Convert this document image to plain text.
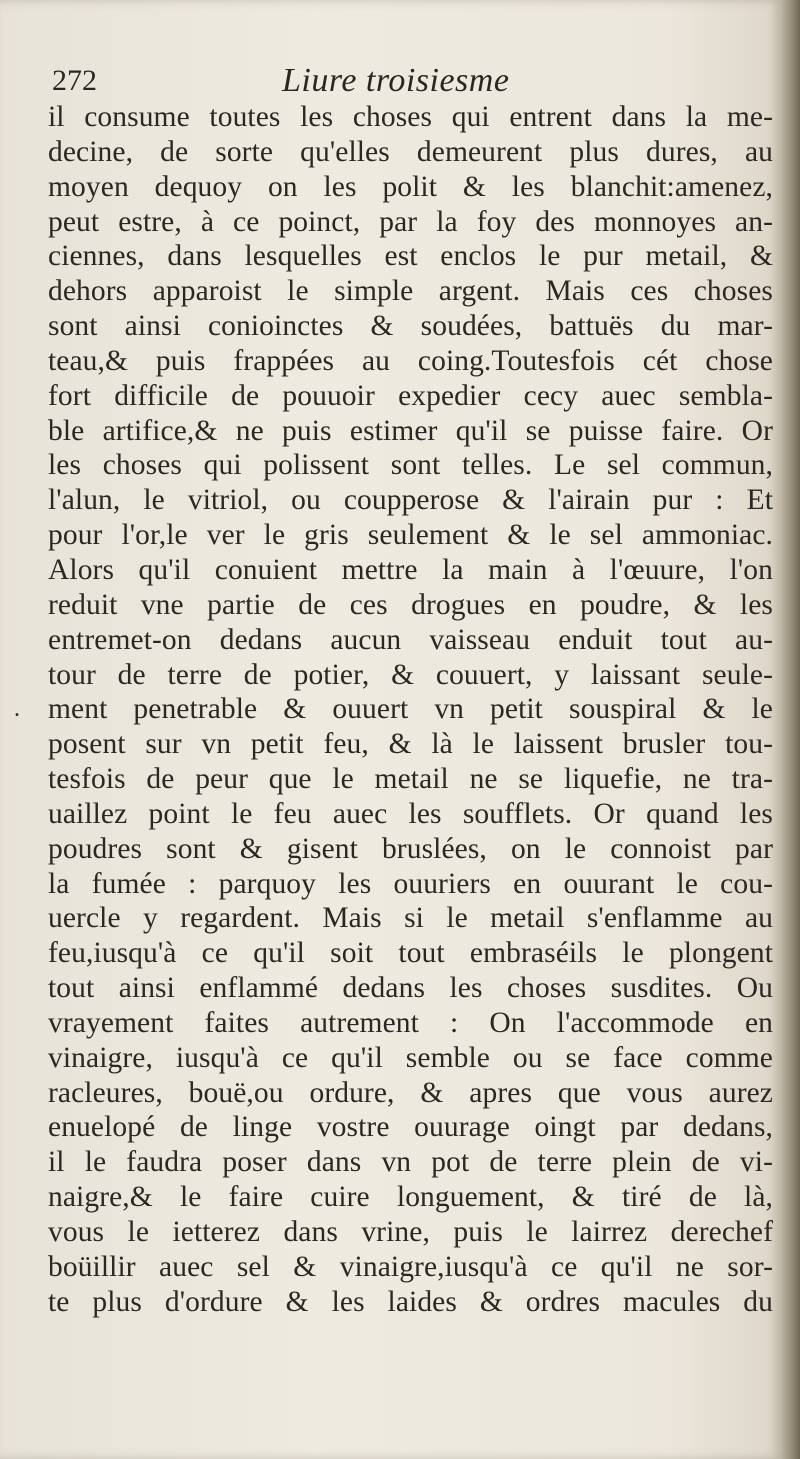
272	Liure troisiesme
.
il consume toutes les choses qui entrent dans la me-
decine, de sorte qu'elles demeurent plus dures, au
moyen dequoy on les polit & les blanchit:amenez,
peut estre, à ce poinct, par la foy des monnoyes an-
ciennes, dans lesquelles est enclos le pur metail, &
dehors apparoist le simple argent. Mais ces choses
sont ainsi conioinctes & soudées, battuës du mar-
teau,& puis frappées au coing.Toutesfois cét chose
fort difficile de pouuoir expedier cecy auec sembla-
ble artifice,& ne puis estimer qu'il se puisse faire. Or
les choses qui polissent sont telles. Le sel commun,
l'alun, le vitriol, ou coupperose & l'airain pur : Et
pour l'or,le ver le gris seulement & le sel ammoniac.
Alors qu'il conuient mettre la main à l'œuure, l'on
reduit vne partie de ces drogues en poudre, & les
entremet-on dedans aucun vaisseau enduit tout au-
tour de terre de potier, & couuert, y laissant seule-
ment penetrable & ouuert vn petit souspiral & le
posent sur vn petit feu, & là le laissent brusler tou-
tesfois de peur que le metail ne se liquefie, ne tra-
uaillez point le feu auec les soufflets. Or quand les
poudres sont & gisent bruslées, on le connoist par
la fumée : parquoy les ouuriers en ouurant le cou-
uercle y regardent. Mais si le metail s'enflamme au
feu,iusqu'à ce qu'il soit tout embraséils le plongent
tout ainsi enflammé dedans les choses susdites. Ou
vrayement faites autrement : On l'accommode en
vinaigre, iusqu'à ce qu'il semble ou se face comme
racleures, bouë,ou ordure, & apres que vous aurez
enuelopé de linge vostre ouurage oingt par dedans,
il le faudra poser dans vn pot de terre plein de vi-
naigre,& le faire cuire longuement, & tiré de là,
vous le ietterez dans vrine, puis le lairrez derechef
boüillir auec sel & vinaigre,iusqu'à ce qu'il ne sor-
te plus d'ordure & les laides & ordres macules du
